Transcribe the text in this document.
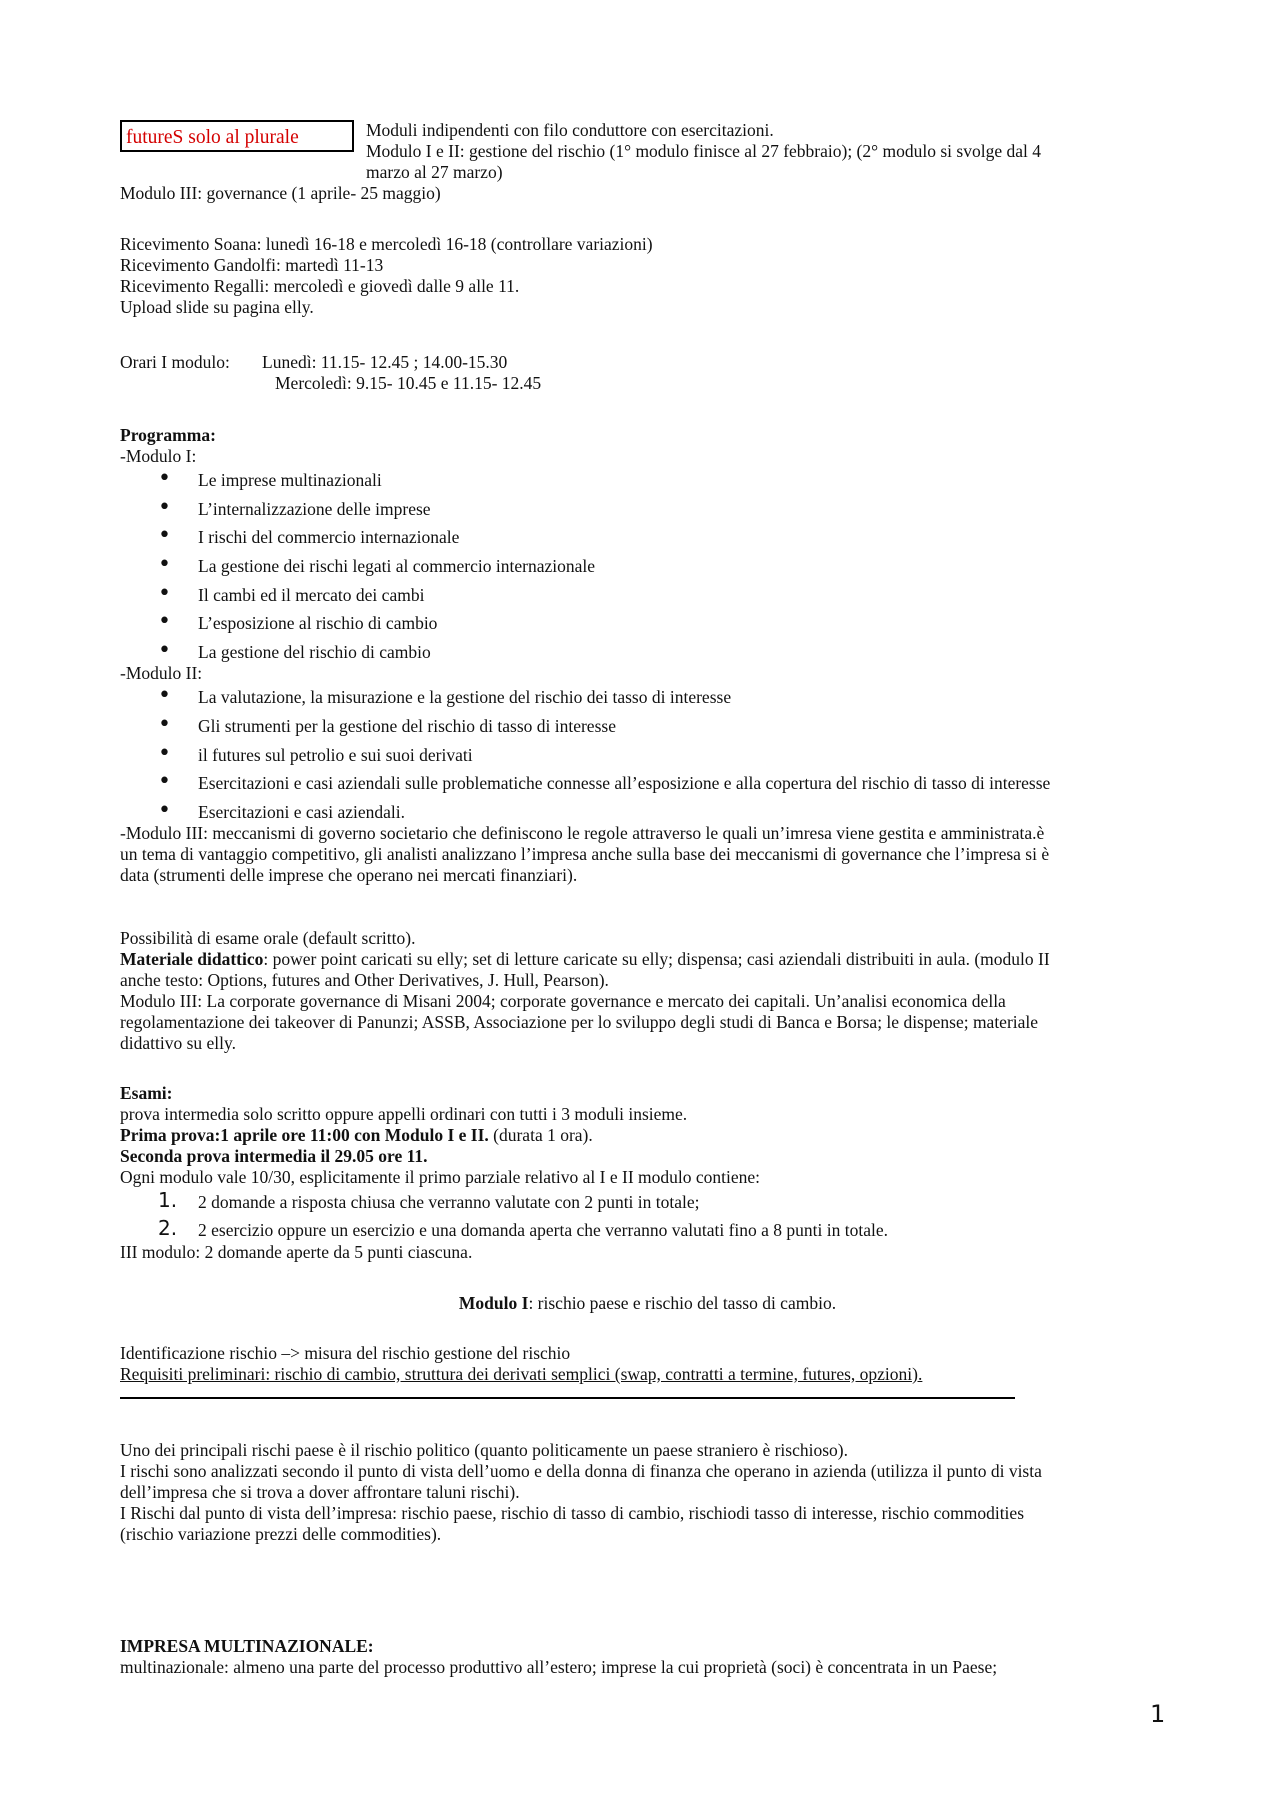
futureS solo al plurale	Moduli indipendenti con filo conduttore con esercitazioni.

Modulo I e II: gestione del rischio (1° modulo finisce al 27 febbraio); (2° modulo si svolge dal 4

marzo al 27 marzo)

Modulo III: governance (1 aprile- 25 maggio)

Ricevimento Soana: lunedì 16-18 e mercoledì 16-18 (controllare variazioni)

Ricevimento Gandolfi: martedì 11-13

Ricevimento Regalli: mercoledì e giovedì dalle 9 alle 11.

Upload slide su pagina elly.

Orari I modulo: Lunedì: 11.15- 12.45 ; 14.00-15.30

Mercoledì: 9.15- 10.45 e 11.15- 12.45

Programma:

-Modulo I:

• Le imprese multinazionali
• L’internalizzazione delle imprese
• I rischi del commercio internazionale
• La gestione dei rischi legati al commercio internazionale
• Il cambi ed il mercato dei cambi
• L’esposizione al rischio di cambio
• La gestione del rischio di cambio

-Modulo II:

• La valutazione, la misurazione e la gestione del rischio dei tasso di interesse
• Gli strumenti per la gestione del rischio di tasso di interesse
• il futures sul petrolio e sui suoi derivati
• Esercitazioni e casi aziendali sulle problematiche connesse all’esposizione e alla copertura del rischio di tasso di interesse
• Esercitazioni e casi aziendali.

-Modulo III: meccanismi di governo societario che definiscono le regole attraverso le quali un’imresa viene gestita e amministrata.è

un tema di vantaggio competitivo, gli analisti analizzano l’impresa anche sulla base dei meccanismi di governance che l’impresa si è

data (strumenti delle imprese che operano nei mercati finanziari).

Possibilità di esame orale (default scritto).

Materiale didattico: power point caricati su elly; set di letture caricate su elly; dispensa; casi aziendali distribuiti in aula. (modulo II

anche testo: Options, futures and Other Derivatives, J. Hull, Pearson).

Modulo III: La corporate governance di Misani 2004; corporate governance e mercato dei capitali. Un’analisi economica della

regolamentazione dei takeover di Panunzi; ASSB, Associazione per lo sviluppo degli studi di Banca e Borsa; le dispense; materiale

didattivo su elly.

Esami:

prova intermedia solo scritto oppure appelli ordinari con tutti i 3 moduli insieme.

Prima prova:1 aprile ore 11:00 con Modulo I e II. (durata 1 ora).

Seconda prova intermedia il 29.05 ore 11.

Ogni modulo vale 10/30, esplicitamente il primo parziale relativo al I e II modulo contiene:

1. 2 domande a risposta chiusa che verranno valutate con 2 punti in totale;
2. 2 esercizio oppure un esercizio e una domanda aperta che verranno valutati fino a 8 punti in totale.

III modulo: 2 domande aperte da 5 punti ciascuna.

Modulo I: rischio paese e rischio del tasso di cambio.

Identificazione rischio –> misura del rischio gestione del rischio

Requisiti preliminari: rischio di cambio, struttura dei derivati semplici (swap, contratti a termine, futures, opzioni).

Uno dei principali rischi paese è il rischio politico (quanto politicamente un paese straniero è rischioso).

I rischi sono analizzati secondo il punto di vista dell’uomo e della donna di finanza che operano in azienda (utilizza il punto di vista

dell’impresa che si trova a dover affrontare taluni rischi).

I Rischi dal punto di vista dell’impresa: rischio paese, rischio di tasso di cambio, rischiodi tasso di interesse, rischio commodities

(rischio variazione prezzi delle commodities).

IMPRESA MULTINAZIONALE:

multinazionale: almeno una parte del processo produttivo all’estero; imprese la cui proprietà (soci) è concentrata in un Paese;

1
